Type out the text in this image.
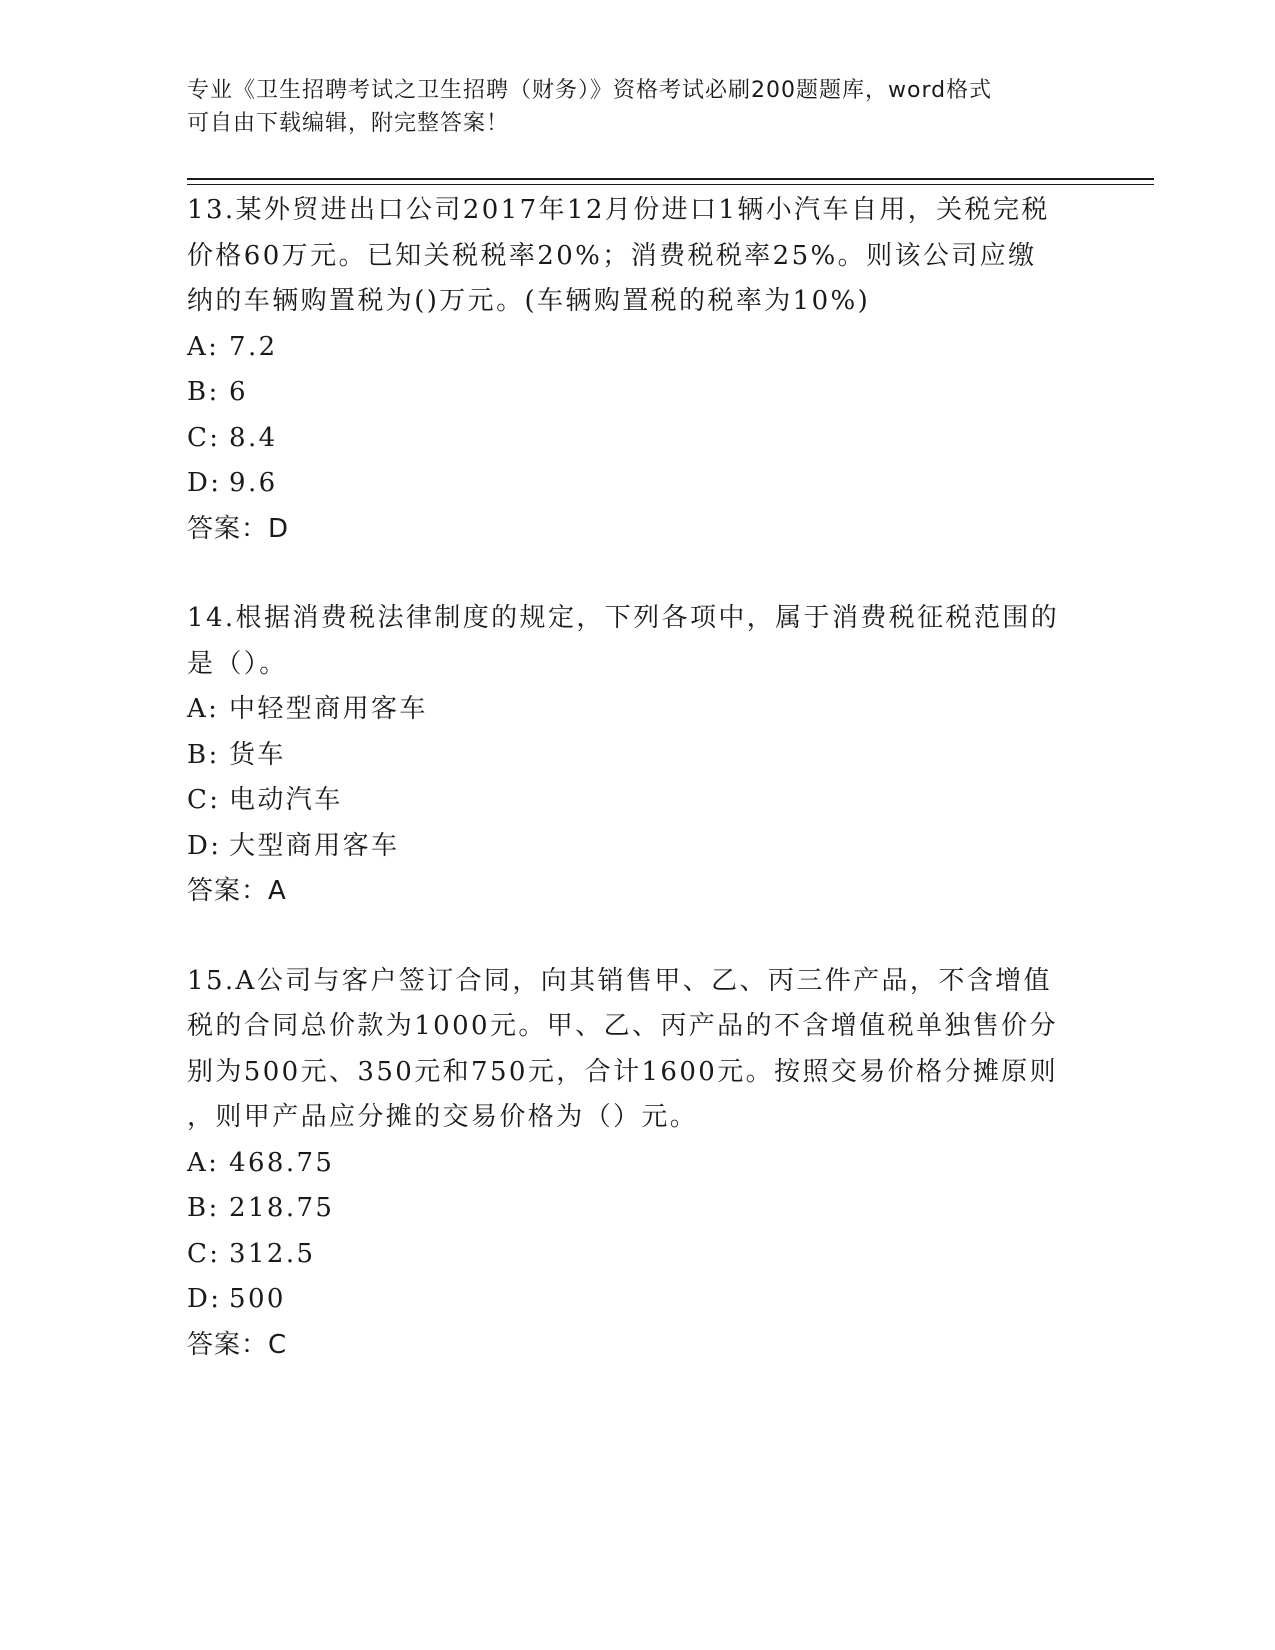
专业《卫生招聘考试之卫生招聘（财务）》资格考试必刷200题题库，word格式
可自由下载编辑，附完整答案！
13.某外贸进出口公司2017年12月份进口1辆小汽车自用，关税完税
价格60万元。已知关税税率20%；消费税税率25%。则该公司应缴
纳的车辆购置税为()万元。(车辆购置税的税率为10%)
A: 7.2
B: 6
C: 8.4
D: 9.6
答案：D
14.根据消费税法律制度的规定，下列各项中，属于消费税征税范围的
是（）。
A: 中轻型商用客车
B: 货车
C: 电动汽车
D: 大型商用客车
答案：A
15.A公司与客户签订合同，向其销售甲、乙、丙三件产品，不含增值
税的合同总价款为1000元。甲、乙、丙产品的不含增值税单独售价分
别为500元、350元和750元，合计1600元。按照交易价格分摊原则
，则甲产品应分摊的交易价格为（）元。
A: 468.75
B: 218.75
C: 312.5
D: 500
答案：C
